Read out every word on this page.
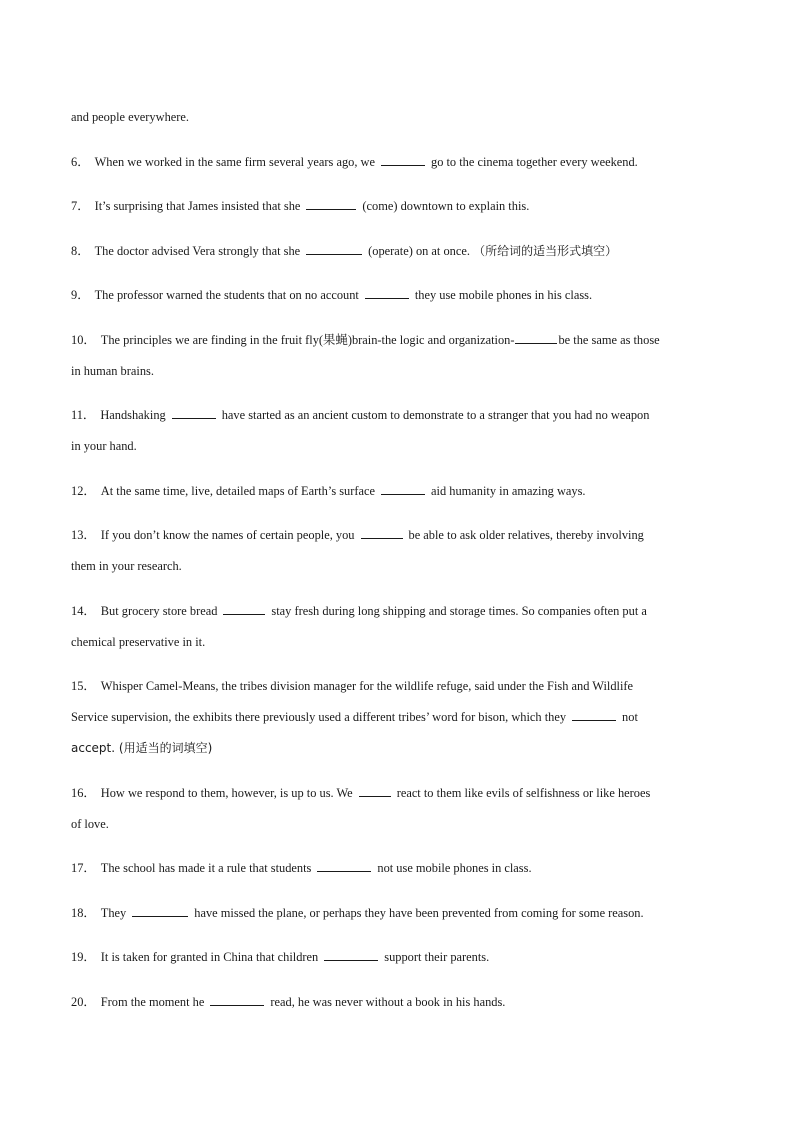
and people everywhere.

6． When we worked in the same firm several years ago, we	go to the cinema together every weekend.

7． It’s surprising that James insisted that she	(come) downtown to explain this.

8． The doctor advised Vera strongly that she	(operate) on at once. （所给词的适当形式填空）

9． The professor warned the students that on no account	they use mobile phones in his class.

10． The principles we are finding in the fruit fly(果蝇)brain-the logic and organization-	be the same as those

in human brains.

11． Handshaking	have started as an ancient custom to demonstrate to a stranger that you had no weapon

in your hand.

12． At the same time, live, detailed maps of Earth’s surface	aid humanity in amazing ways.

13． If you don’t know the names of certain people, you	be able to ask older relatives, thereby involving

them in your research.

14． But grocery store bread	stay fresh during long shipping and storage times. So companies often put a

chemical preservative in it.

15． Whisper Camel-Means, the tribes division manager for the wildlife refuge, said under the Fish and Wildlife

Service supervision, the exhibits there previously used a different tribes’ word for bison, which they	not

accept. (用适当的词填空)

16． How we respond to them, however, is up to us. We	react to them like evils of selfishness or like heroes

of love.

17． The school has made it a rule that students	not use mobile phones in class.

18． They	have missed the plane, or perhaps they have been prevented from coming for some reason.

19． It is taken for granted in China that children	support their parents.

20． From the moment he	read, he was never without a book in his hands.
